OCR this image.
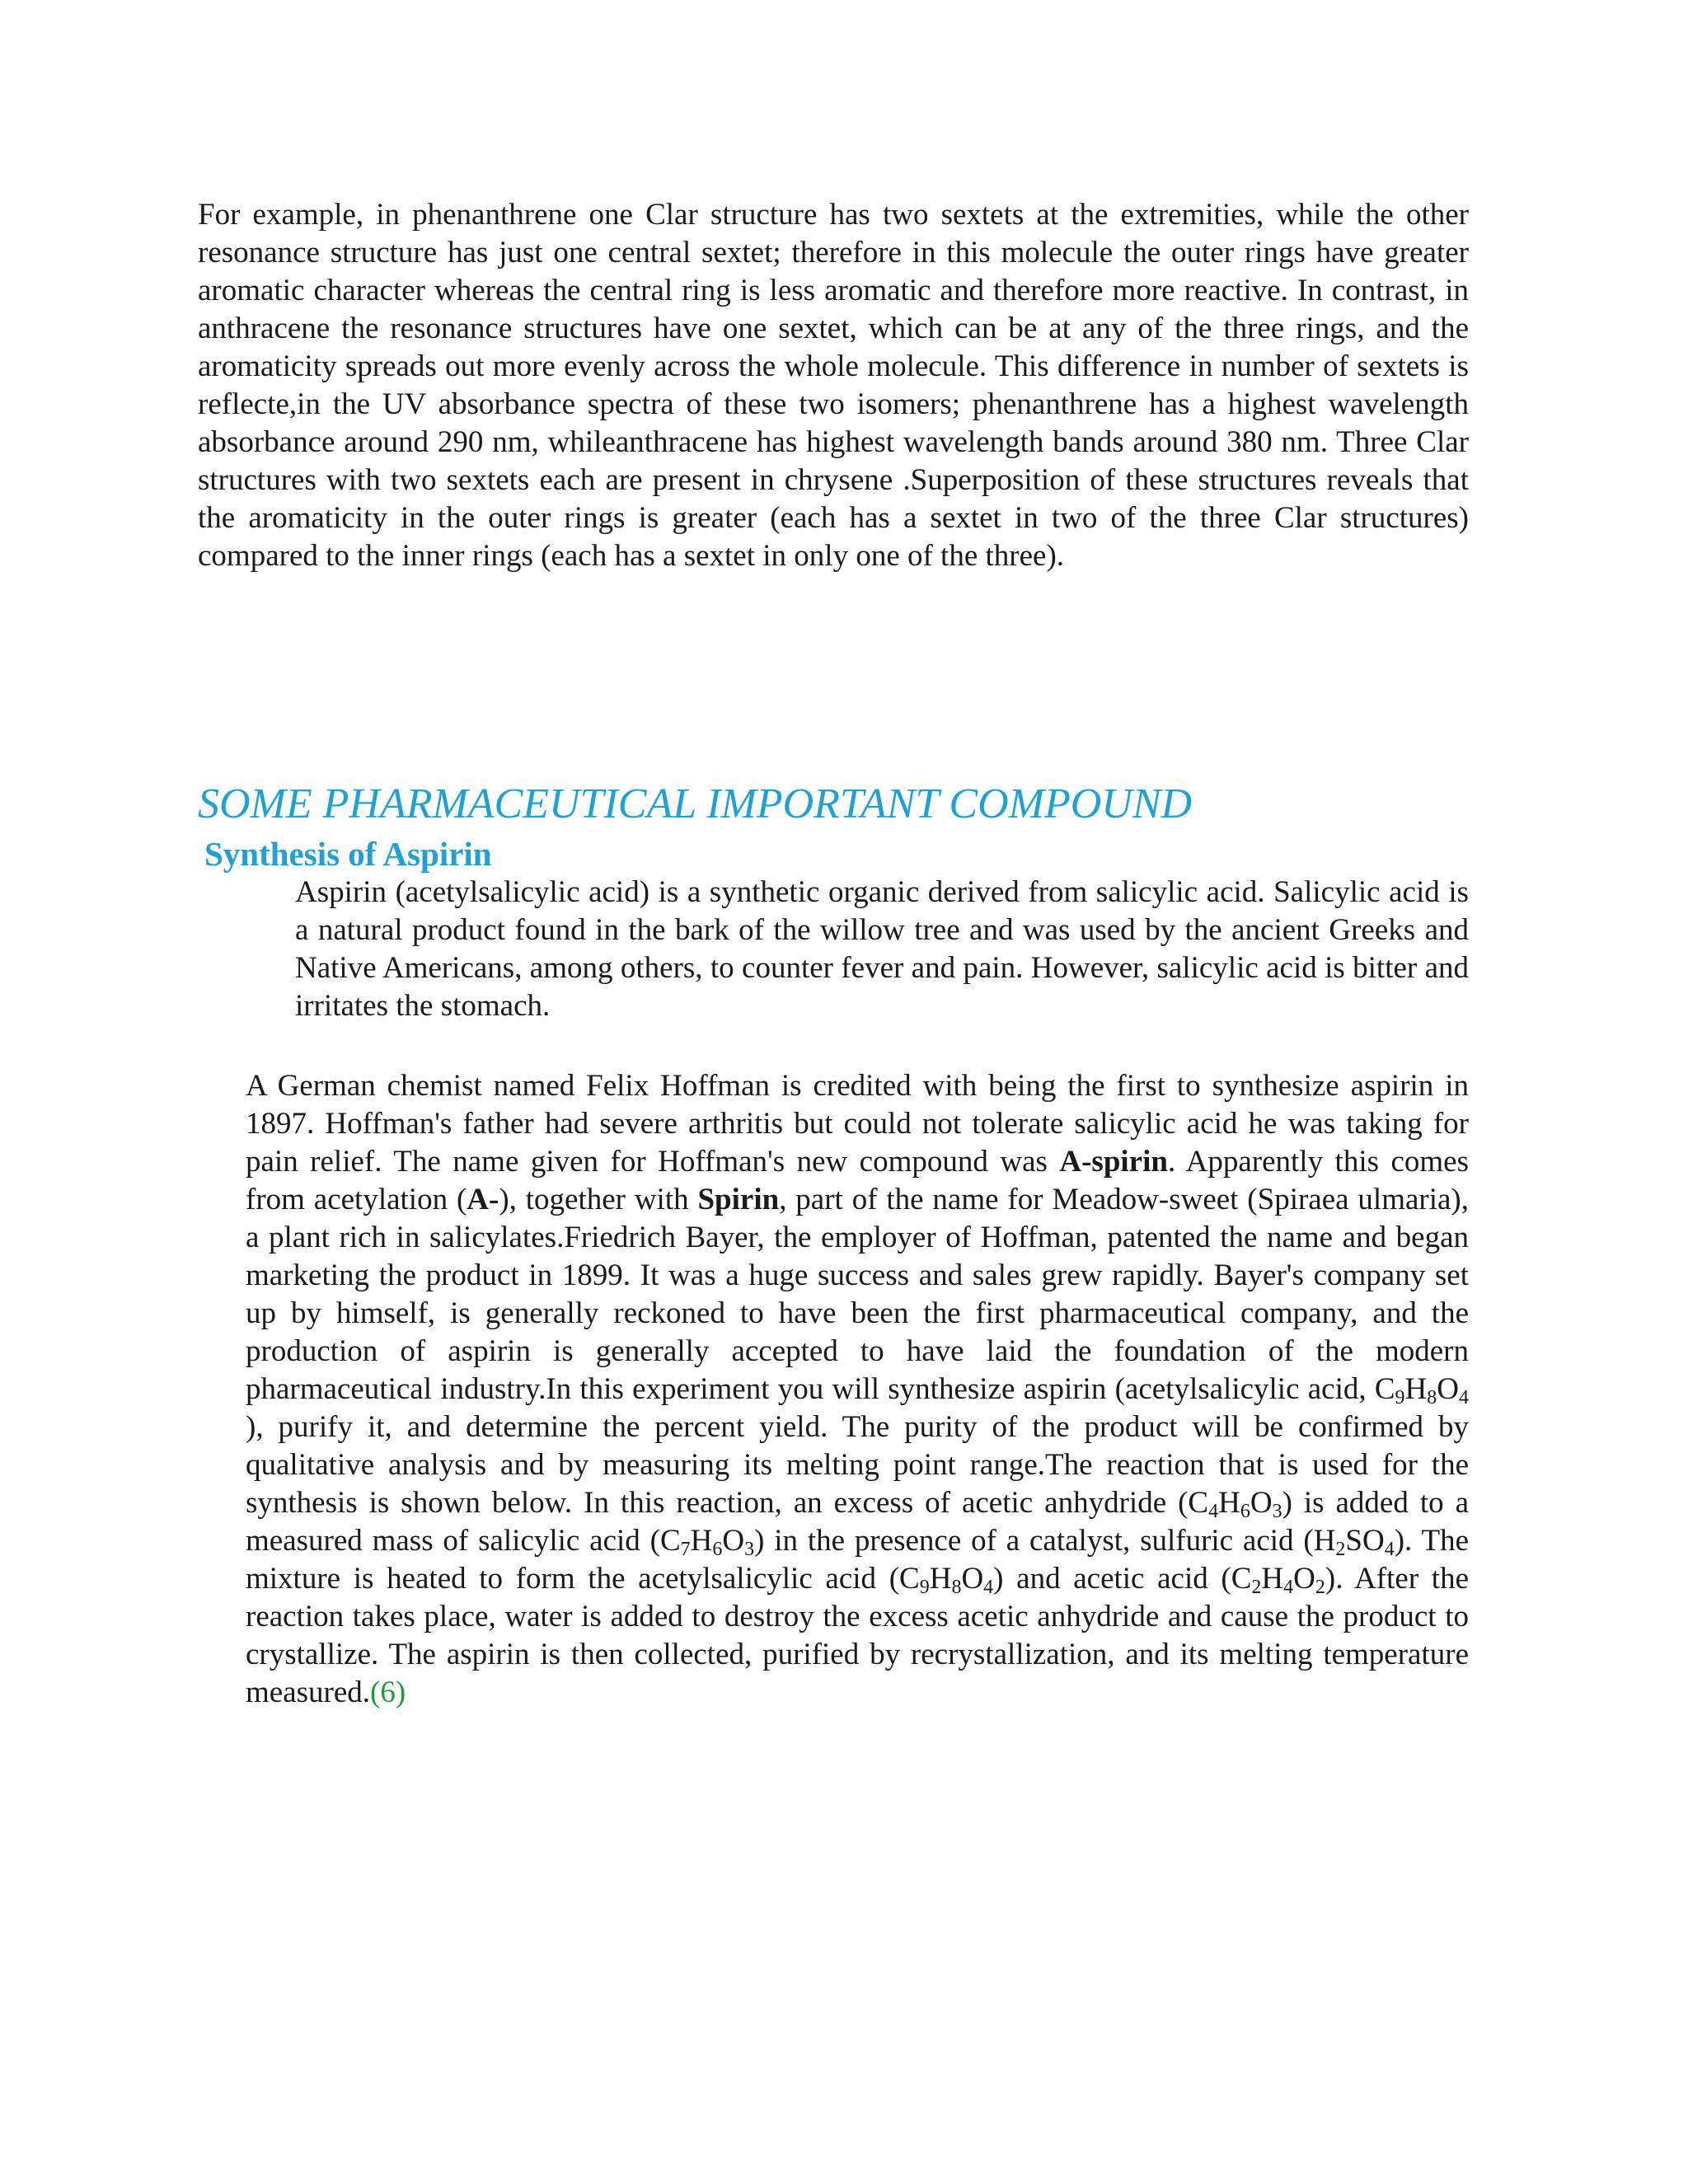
For example, in phenanthrene one Clar structure has two sextets at the extremities, while the other resonance structure has just one central sextet; therefore in this molecule the outer rings have greater aromatic character whereas the central ring is less aromatic and therefore more reactive. In contrast, in anthracene the resonance structures have one sextet, which can be at any of the three rings, and the aromaticity spreads out more evenly across the whole molecule. This difference in number of sextets is reflecte,in the UV absorbance spectra of these two isomers; phenanthrene has a highest wavelength absorbance around 290 nm, whileanthracene has highest wavelength bands around 380 nm. Three Clar structures with two sextets each are present in chrysene .Superposition of these structures reveals that the aromaticity in the outer rings is greater (each has a sextet in two of the three Clar structures) compared to the inner rings (each has a sextet in only one of the three).

SOME PHARMACEUTICAL IMPORTANT COMPOUND
Synthesis of Aspirin

Aspirin (acetylsalicylic acid) is a synthetic organic derived from salicylic acid. Salicylic acid is a natural product found in the bark of the willow tree and was used by the ancient Greeks and Native Americans, among others, to counter fever and pain. However, salicylic acid is bitter and irritates the stomach.

A German chemist named Felix Hoffman is credited with being the first to synthesize aspirin in 1897. Hoffman's father had severe arthritis but could not tolerate salicylic acid he was taking for pain relief. The name given for Hoffman's new compound was A-spirin. Apparently this comes from acetylation (A-), together with Spirin, part of the name for Meadow-sweet (Spiraea ulmaria), a plant rich in salicylates.Friedrich Bayer, the employer of Hoffman, patented the name and began marketing the product in 1899. It was a huge success and sales grew rapidly. Bayer's company set up by himself, is generally reckoned to have been the first pharmaceutical company, and the production of aspirin is generally accepted to have laid the foundation of the modern pharmaceutical industry.In this experiment you will synthesize aspirin (acetylsalicylic acid, $C_9H_8O_4$ ), purify it, and determine the percent yield. The purity of the product will be confirmed by qualitative analysis and by measuring its melting point range.The reaction that is used for the synthesis is shown below. In this reaction, an excess of acetic anhydride $(C_4H_6O_3)$ is added to a measured mass of salicylic acid $(C_7H_6O_3)$ in the presence of a catalyst, sulfuric acid $(H_2SO_4)$. The mixture is heated to form the acetylsalicylic acid $(C_9H_8O_4)$ and acetic acid $(C_2H_4O_2)$. After the reaction takes place, water is added to destroy the excess acetic anhydride and cause the product to crystallize. The aspirin is then collected, purified by recrystallization, and its melting temperature measured.(6)
